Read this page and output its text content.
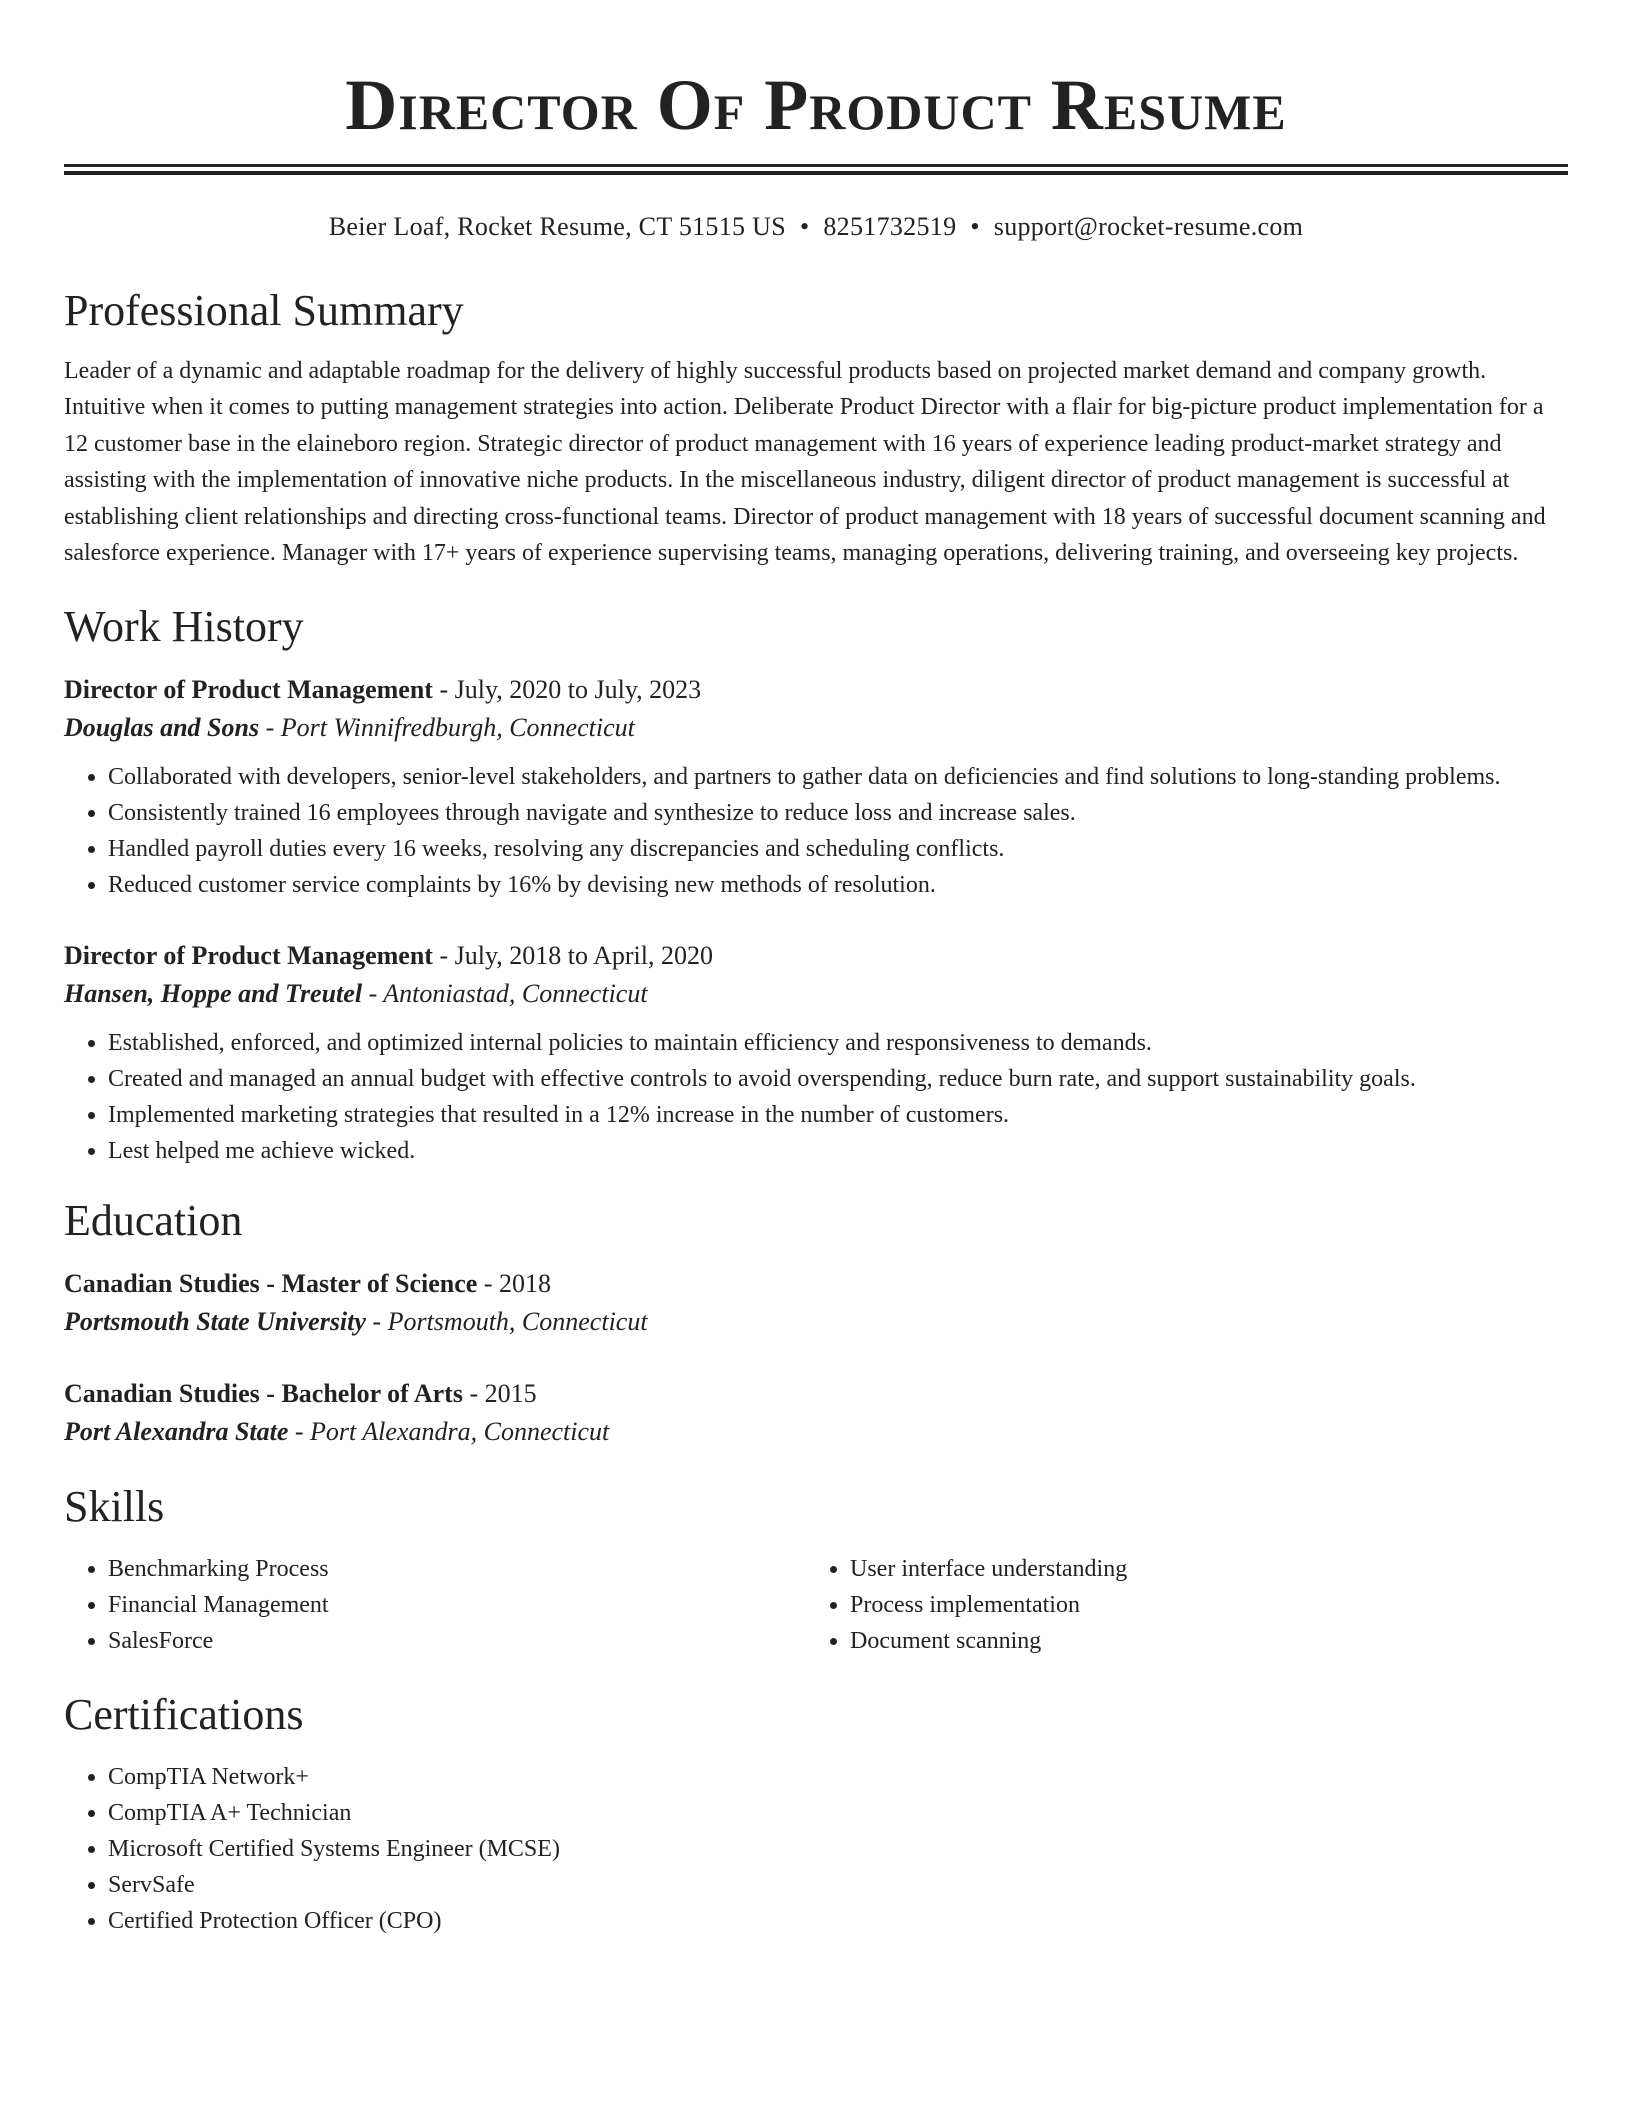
Director Of Product Resume
Beier Loaf, Rocket Resume, CT 51515 US • 8251732519 • support@rocket-resume.com
Professional Summary

Leader of a dynamic and adaptable roadmap for the delivery of highly successful products based on projected market demand and company growth. Intuitive when it comes to putting management strategies into action. Deliberate Product Director with a flair for big-picture product implementation for a 12 customer base in the elaineboro region. Strategic director of product management with 16 years of experience leading product-market strategy and assisting with the implementation of innovative niche products. In the miscellaneous industry, diligent director of product management is successful at establishing client relationships and directing cross-functional teams. Director of product management with 18 years of successful document scanning and salesforce experience. Manager with 17+ years of experience supervising teams, managing operations, delivering training, and overseeing key projects.

Work History
Director of Product Management - July, 2020 to July, 2023
Douglas and Sons - Port Winnifredburgh, Connecticut
• Collaborated with developers, senior-level stakeholders, and partners to gather data on deficiencies and find solutions to long-standing problems.
• Consistently trained 16 employees through navigate and synthesize to reduce loss and increase sales.
• Handled payroll duties every 16 weeks, resolving any discrepancies and scheduling conflicts.
• Reduced customer service complaints by 16% by devising new methods of resolution.
Director of Product Management - July, 2018 to April, 2020
Hansen, Hoppe and Treutel - Antoniastad, Connecticut
• Established, enforced, and optimized internal policies to maintain efficiency and responsiveness to demands.
• Created and managed an annual budget with effective controls to avoid overspending, reduce burn rate, and support sustainability goals.
• Implemented marketing strategies that resulted in a 12% increase in the number of customers.
• Lest helped me achieve wicked.
Education
Canadian Studies - Master of Science - 2018
Portsmouth State University - Portsmouth, Connecticut
Canadian Studies - Bachelor of Arts - 2015
Port Alexandra State - Port Alexandra, Connecticut
Skills
• Benchmarking Process
• Financial Management
• SalesForce
• User interface understanding
• Process implementation
• Document scanning
Certifications
• CompTIA Network+
• CompTIA A+ Technician
• Microsoft Certified Systems Engineer (MCSE)
• ServSafe
• Certified Protection Officer (CPO)
